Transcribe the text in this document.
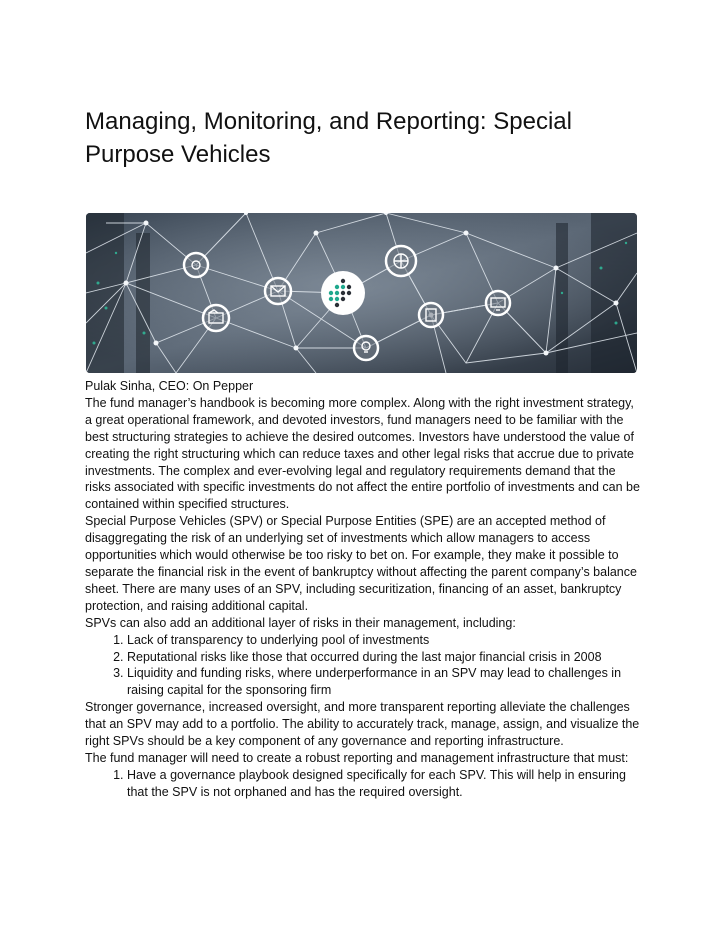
Managing, Monitoring, and Reporting: Special Purpose Vehicles

Pulak Sinha, CEO: On Pepper

The fund manager’s handbook is becoming more complex. Along with the right investment strategy, a great operational framework, and devoted investors, fund managers need to be familiar with the best structuring strategies to achieve the desired outcomes. Investors have understood the value of creating the right structuring which can reduce taxes and other legal risks that accrue due to private investments. The complex and ever-evolving legal and regulatory requirements demand that the risks associated with specific investments do not affect the entire portfolio of investments and can be contained within specified structures.

Special Purpose Vehicles (SPV) or Special Purpose Entities (SPE) are an accepted method of disaggregating the risk of an underlying set of investments which allow managers to access opportunities which would otherwise be too risky to bet on. For example, they make it possible to separate the financial risk in the event of bankruptcy without affecting the parent company’s balance sheet. There are many uses of an SPV, including securitization, financing of an asset, bankruptcy protection, and raising additional capital.

SPVs can also add an additional layer of risks in their management, including:

1. Lack of transparency to underlying pool of investments
2. Reputational risks like those that occurred during the last major financial crisis in 2008
3. Liquidity and funding risks, where underperformance in an SPV may lead to challenges in raising capital for the sponsoring firm

Stronger governance, increased oversight, and more transparent reporting alleviate the challenges that an SPV may add to a portfolio. The ability to accurately track, manage, assign, and visualize the right SPVs should be a key component of any governance and reporting infrastructure.

The fund manager will need to create a robust reporting and management infrastructure that must:

1. Have a governance playbook designed specifically for each SPV. This will help in ensuring that the SPV is not orphaned and has the required oversight.
